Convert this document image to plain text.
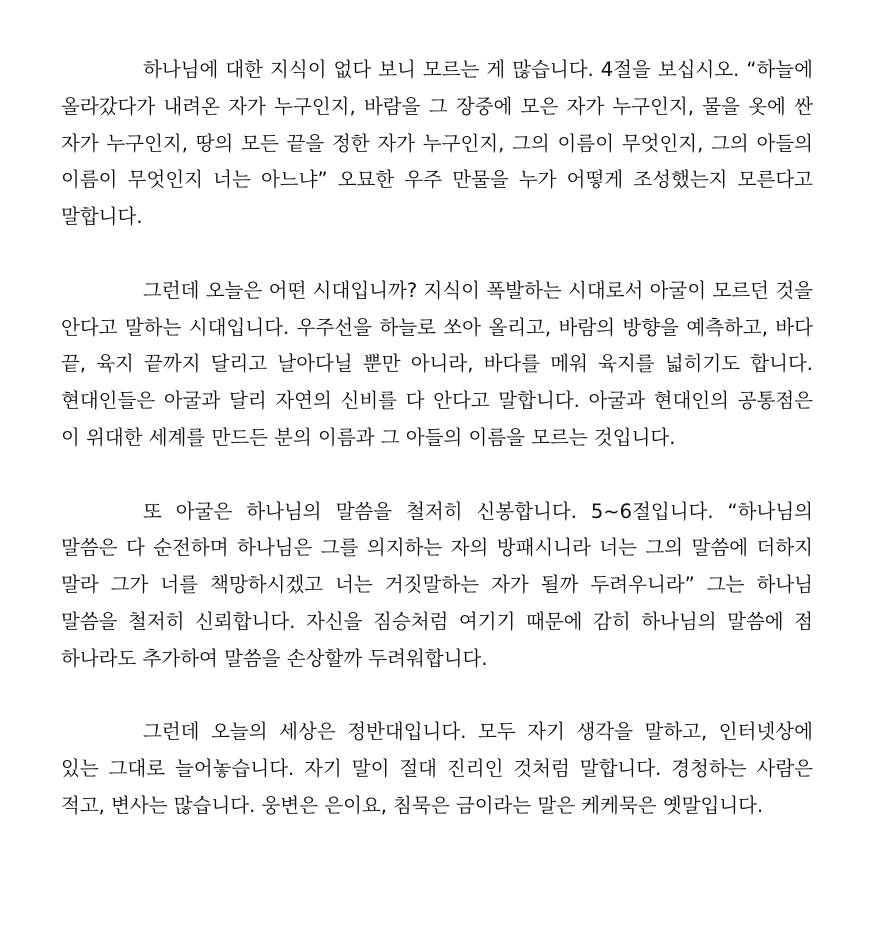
하나님에 대한 지식이 없다 보니 모르는 게 많습니다. 4절을 보십시오. “하늘에 올라갔다가 내려온 자가 누구인지, 바람을 그 장중에 모은 자가 누구인지, 물을 옷에 싼 자가 누구인지, 땅의 모든 끝을 정한 자가 누구인지, 그의 이름이 무엇인지, 그의 아들의 이름이 무엇인지 너는 아느냐” 오묘한 우주 만물을 누가 어떻게 조성했는지 모른다고 말합니다.

그런데 오늘은 어떤 시대입니까? 지식이 폭발하는 시대로서 아굴이 모르던 것을 안다고 말하는 시대입니다. 우주선을 하늘로 쏘아 올리고, 바람의 방향을 예측하고, 바다 끝, 육지 끝까지 달리고 날아다닐 뿐만 아니라, 바다를 메워 육지를 넓히기도 합니다. 현대인들은 아굴과 달리 자연의 신비를 다 안다고 말합니다. 아굴과 현대인의 공통점은 이 위대한 세계를 만드든 분의 이름과 그 아들의 이름을 모르는 것입니다.

또 아굴은 하나님의 말씀을 철저히 신봉합니다. 5~6절입니다. “하나님의 말씀은 다 순전하며 하나님은 그를 의지하는 자의 방패시니라 너는 그의 말씀에 더하지 말라 그가 너를 책망하시겠고 너는 거짓말하는 자가 될까 두려우니라” 그는 하나님 말씀을 철저히 신뢰합니다. 자신을 짐승처럼 여기기 때문에 감히 하나님의 말씀에 점 하나라도 추가하여 말씀을 손상할까 두려워합니다.

그런데 오늘의 세상은 정반대입니다. 모두 자기 생각을 말하고, 인터넷상에 있는 그대로 늘어놓습니다. 자기 말이 절대 진리인 것처럼 말합니다. 경청하는 사람은 적고, 변사는 많습니다. 웅변은 은이요, 침묵은 금이라는 말은 케케묵은 옛말입니다.
